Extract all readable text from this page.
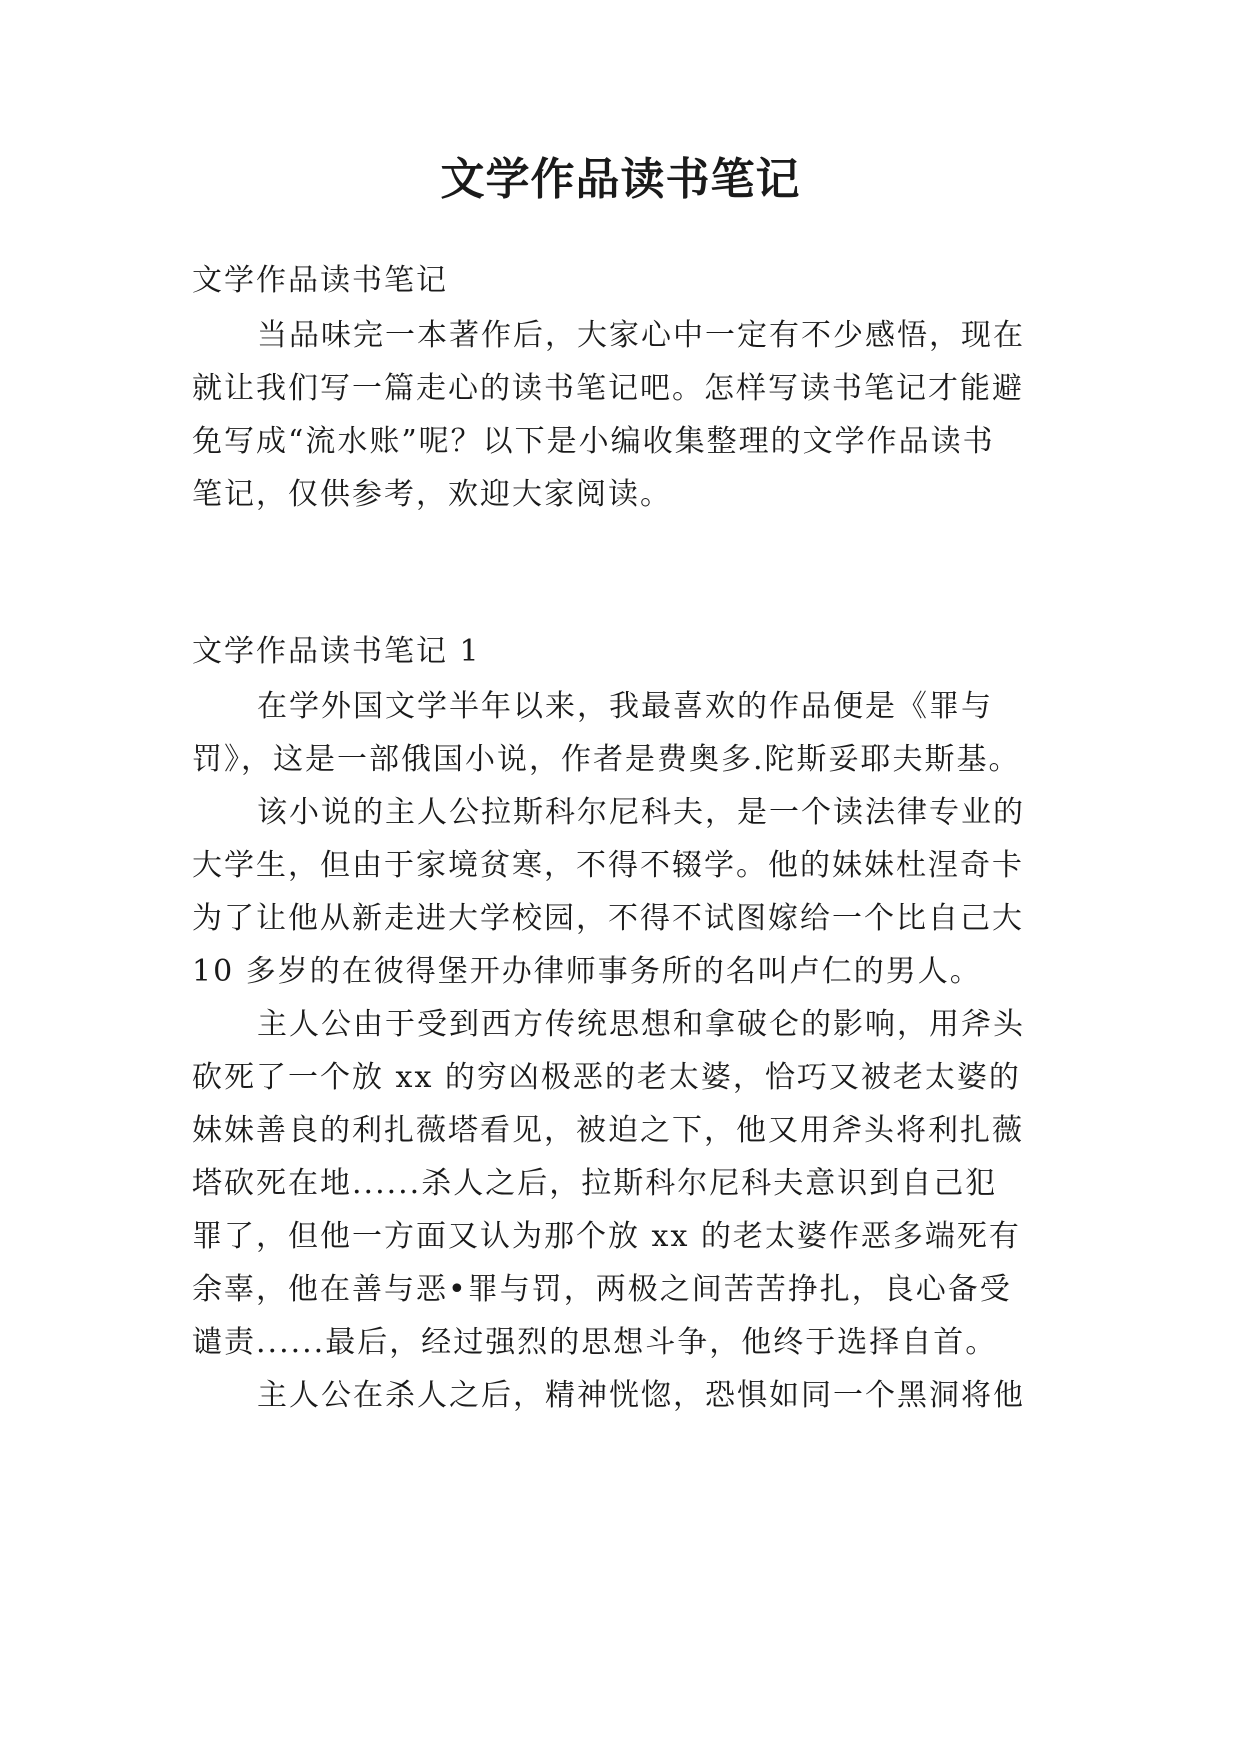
文学作品读书笔记

文学作品读书笔记

当品味完一本著作后，大家心中一定有不少感悟，现在

就让我们写一篇走心的读书笔记吧。怎样写读书笔记才能避

免写成“流水账”呢？以下是小编收集整理的文学作品读书

笔记，仅供参考，欢迎大家阅读。

文学作品读书笔记 1

在学外国文学半年以来，我最喜欢的作品便是《罪与

罚》，这是一部俄国小说，作者是费奥多.陀斯妥耶夫斯基。

该小说的主人公拉斯科尔尼科夫，是一个读法律专业的

大学生，但由于家境贫寒，不得不辍学。他的妹妹杜涅奇卡

为了让他从新走进大学校园，不得不试图嫁给一个比自己大

10 多岁的在彼得堡开办律师事务所的名叫卢仁的男人。

主人公由于受到西方传统思想和拿破仑的影响，用斧头

砍死了一个放 xx 的穷凶极恶的老太婆，恰巧又被老太婆的

妹妹善良的利扎薇塔看见，被迫之下，他又用斧头将利扎薇

塔砍死在地......杀人之后，拉斯科尔尼科夫意识到自己犯

罪了，但他一方面又认为那个放 xx 的老太婆作恶多端死有

余辜，他在善与恶•罪与罚，两极之间苦苦挣扎，良心备受

谴责......最后，经过强烈的思想斗争，他终于选择自首。

主人公在杀人之后，精神恍惚，恐惧如同一个黑洞将他
